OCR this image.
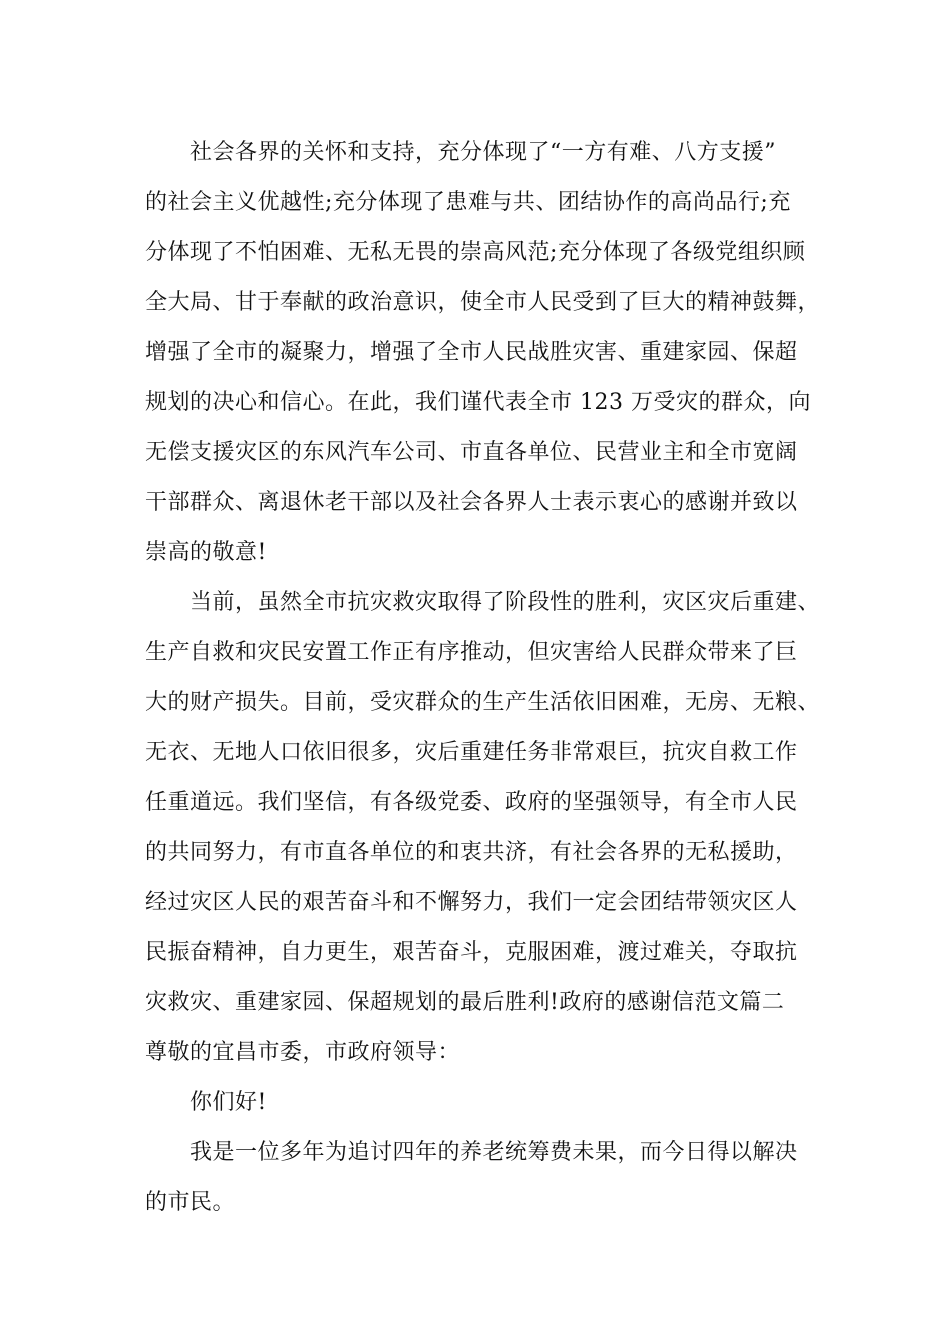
社会各界的关怀和支持，充分体现了“一方有难、八方支援”
的社会主义优越性;充分体现了患难与共、团结协作的高尚品行;充
分体现了不怕困难、无私无畏的崇高风范;充分体现了各级党组织顾
全大局、甘于奉献的政治意识，使全市人民受到了巨大的精神鼓舞，
增强了全市的凝聚力，增强了全市人民战胜灾害、重建家园、保超
规划的决心和信心。在此，我们谨代表全市 123 万受灾的群众，向
无偿支援灾区的东风汽车公司、市直各单位、民营业主和全市宽阔
干部群众、离退休老干部以及社会各界人士表示衷心的感谢并致以
崇高的敬意!
当前，虽然全市抗灾救灾取得了阶段性的胜利，灾区灾后重建、
生产自救和灾民安置工作正有序推动，但灾害给人民群众带来了巨
大的财产损失。目前，受灾群众的生产生活依旧困难，无房、无粮、
无衣、无地人口依旧很多，灾后重建任务非常艰巨，抗灾自救工作
任重道远。我们坚信，有各级党委、政府的坚强领导，有全市人民
的共同努力，有市直各单位的和衷共济，有社会各界的无私援助，
经过灾区人民的艰苦奋斗和不懈努力，我们一定会团结带领灾区人
民振奋精神，自力更生，艰苦奋斗，克服困难，渡过难关，夺取抗
灾救灾、重建家园、保超规划的最后胜利!政府的感谢信范文篇二
尊敬的宜昌市委，市政府领导：
你们好!
我是一位多年为追讨四年的养老统筹费未果，而今日得以解决
的市民。
